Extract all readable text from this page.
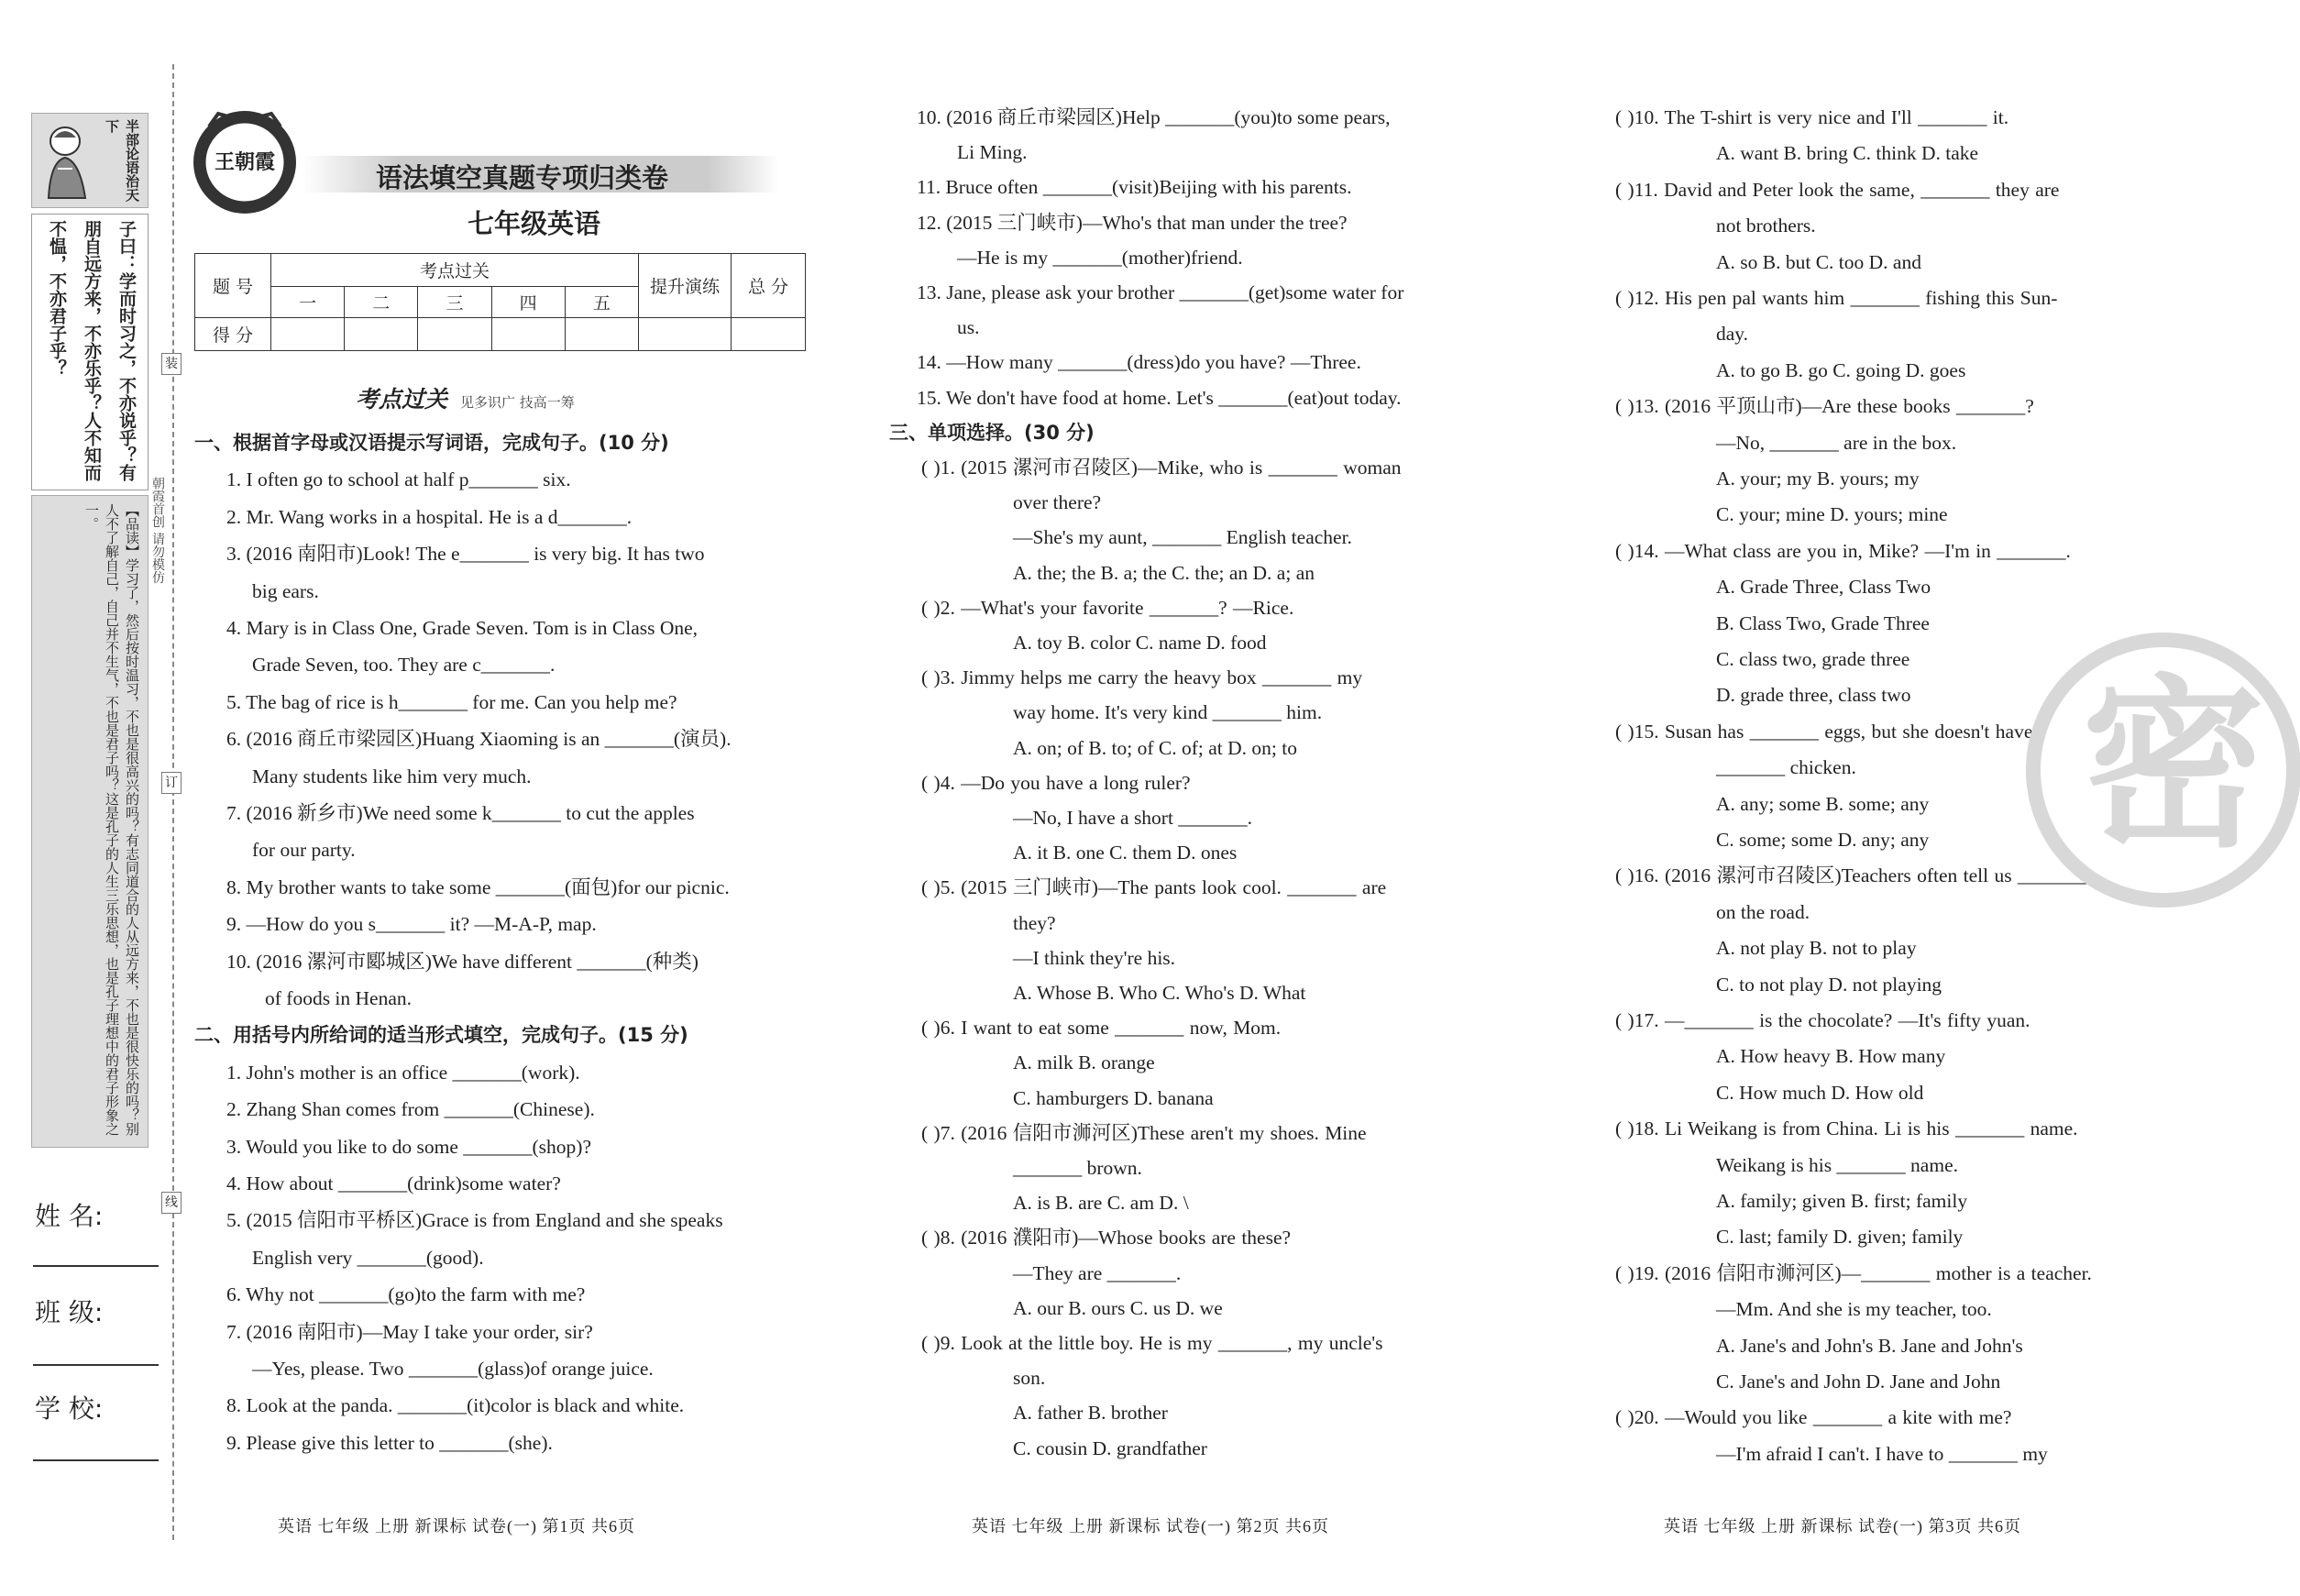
半部论语治天下
子曰：学而时习之，不亦说乎？有朋自远方来，不亦乐乎？人不知而不愠，不亦君子乎？
【品读】学习了，然后按时温习，不也是很高兴的吗？有志同道合的人从远方来，不也是很快乐的吗？别人不了解自己，自己并不生气，不也是君子吗？这是孔子的人生三乐思想，也是孔子理想中的君子形象之一。	朝霞首创 请勿模仿
装
订
线
姓 名:
班 级:
学 校:
王朝霞	语法填空真题专项归类卷
七年级英语
题 号	考点过关					提升演练	总 分
	一	二	三	四	五		
得 分							
考点过关 见多识广 技高一筹
一、根据首字母或汉语提示写词语，完成句子。(10 分)
1. I often go to school at half p_______ six.
2. Mr. Wang works in a hospital. He is a d_______.
3. (2016 南阳市)Look! The e_______ is very big. It has two
big ears.
4. Mary is in Class One, Grade Seven. Tom is in Class One,
Grade Seven, too. They are c_______.
5. The bag of rice is h_______ for me. Can you help me?
6. (2016 商丘市梁园区)Huang Xiaoming is an _______(演员).
Many students like him very much.
7. (2016 新乡市)We need some k_______ to cut the apples
for our party.
8. My brother wants to take some _______(面包)for our picnic.
9. —How do you s_______ it? —M-A-P, map.
10. (2016 漯河市郾城区)We have different _______(种类)
of foods in Henan.
二、用括号内所给词的适当形式填空，完成句子。(15 分)
1. John's mother is an office _______(work).
2. Zhang Shan comes from _______(Chinese).
3. Would you like to do some _______(shop)?
4. How about _______(drink)some water?
5. (2015 信阳市平桥区)Grace is from England and she speaks
English very _______(good).
6. Why not _______(go)to the farm with me?
7. (2016 南阳市)—May I take your order, sir?
—Yes, please. Two _______(glass)of orange juice.
8. Look at the panda. _______(it)color is black and white.
9. Please give this letter to _______(she).
10. (2016 商丘市梁园区)Help _______(you)to some pears,
Li Ming.
11. Bruce often _______(visit)Beijing with his parents.
12. (2015 三门峡市)—Who's that man under the tree?
—He is my _______(mother)friend.
13. Jane, please ask your brother _______(get)some water for
us.
14. —How many _______(dress)do you have? —Three.
15. We don't have food at home. Let's _______(eat)out today.
三、单项选择。(30 分)
( )1. (2015 漯河市召陵区)—Mike, who is _______ woman
over there?
—She's my aunt, _______ English teacher.
A. the; the B. a; the C. the; an D. a; an
( )2. —What's your favorite _______? —Rice.
A. toy B. color C. name D. food
( )3. Jimmy helps me carry the heavy box _______ my
way home. It's very kind _______ him.
A. on; of B. to; of C. of; at D. on; to
( )4. —Do you have a long ruler?
—No, I have a short _______.
A. it B. one C. them D. ones
( )5. (2015 三门峡市)—The pants look cool. _______ are
they?
—I think they're his.
A. Whose B. Who C. Who's D. What
( )6. I want to eat some _______ now, Mom.
A. milk B. orange
C. hamburgers D. banana
( )7. (2016 信阳市浉河区)These aren't my shoes. Mine
_______ brown.
A. is B. are C. am D. \
( )8. (2016 濮阳市)—Whose books are these?
—They are _______.
A. our B. ours C. us D. we
( )9. Look at the little boy. He is my _______, my uncle's
son.
A. father B. brother
C. cousin D. grandfather
( )10. The T-shirt is very nice and I'll _______ it.
A. want B. bring C. think D. take
( )11. David and Peter look the same, _______ they are
not brothers.
A. so B. but C. too D. and
( )12. His pen pal wants him _______ fishing this Sun-
day.
A. to go B. go C. going D. goes
( )13. (2016 平顶山市)—Are these books _______?
—No, _______ are in the box.
A. your; my B. yours; my
C. your; mine D. yours; mine
( )14. —What class are you in, Mike? —I'm in _______.
A. Grade Three, Class Two
B. Class Two, Grade Three
C. class two, grade three
D. grade three, class two
( )15. Susan has _______ eggs, but she doesn't have
_______ chicken.
A. any; some B. some; any
C. some; some D. any; any
( )16. (2016 漯河市召陵区)Teachers often tell us _______
on the road.
A. not play B. not to play
C. to not play D. not playing
( )17. —_______ is the chocolate? —It's fifty yuan.
A. How heavy B. How many
C. How much D. How old
( )18. Li Weikang is from China. Li is his _______ name.
Weikang is his _______ name.
A. family; given B. first; family
C. last; family D. given; family
( )19. (2016 信阳市浉河区)—_______ mother is a teacher.
—Mm. And she is my teacher, too.
A. Jane's and John's B. Jane and John's
C. Jane's and John D. Jane and John
( )20. —Would you like _______ a kite with me?
—I'm afraid I can't. I have to _______ my
密
英语 七年级 上册 新课标 试卷(一) 第1页 共6页	英语 七年级 上册 新课标 试卷(一) 第2页 共6页	英语 七年级 上册 新课标 试卷(一) 第3页 共6页
